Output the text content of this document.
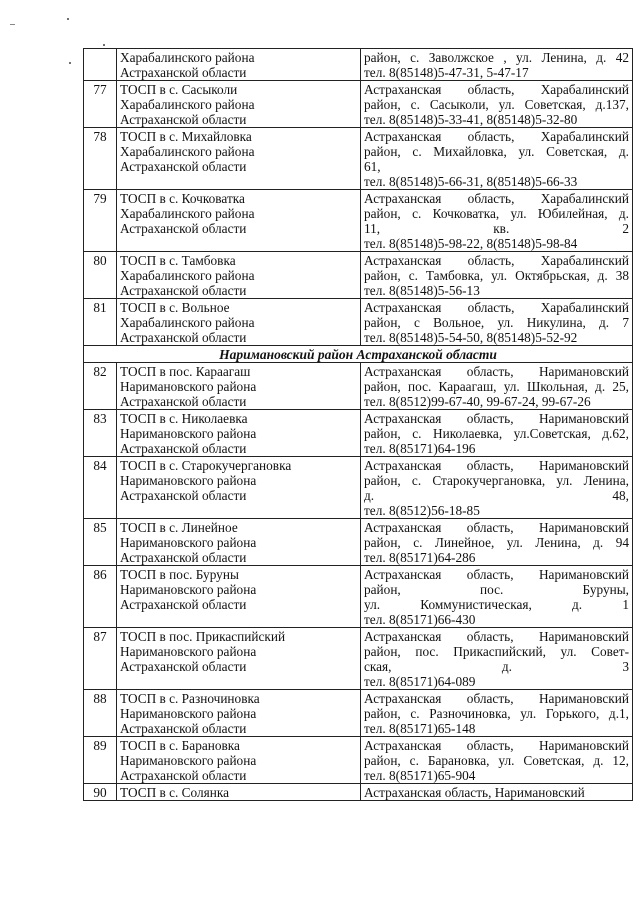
	Харабалинского района
Астраханской области	район, с. Заволжское , ул. Ленина, д. 42
тел. 8(85148)5-47-31, 5-47-17

77	ТОСП в с. Сасыколи
Харабалинского района
Астраханской области	Астраханская область, Харабалинский
район, с. Сасыколи, ул. Советская, д.137,
тел. 8(85148)5-33-41, 8(85148)5-32-80

78	ТОСП в с. Михайловка
Харабалинского района
Астраханской области	Астраханская область, Харабалинский
район, с. Михайловка, ул. Советская, д.
61,
тел. 8(85148)5-66-31, 8(85148)5-66-33

79	ТОСП в с. Кочковатка
Харабалинского района
Астраханской области	Астраханская область, Харабалинский
район, с. Кочковатка, ул. Юбилейная, д.
11, кв. 2
тел. 8(85148)5-98-22, 8(85148)5-98-84

80	ТОСП в с. Тамбовка
Харабалинского района
Астраханской области	Астраханская область, Харабалинский
район, с. Тамбовка, ул. Октябрьская, д. 38
тел. 8(85148)5-56-13

81	ТОСП в с. Вольное
Харабалинского района
Астраханской области	Астраханская область, Харабалинский
район, с Вольное, ул. Никулина, д. 7
тел. 8(85148)5-54-50, 8(85148)5-52-92

Наримановский район Астраханской области		
82	ТОСП в пос. Караагаш
Наримановского района
Астраханской области	Астраханская область, Наримановский
район, пос. Караагаш, ул. Школьная, д. 25,
тел. 8(8512)99-67-40, 99-67-24, 99-67-26

83	ТОСП в с. Николаевка
Наримановского района
Астраханской области	Астраханская область, Наримановский
район, с. Николаевка, ул.Советская, д.62,
тел. 8(85171)64-196

84	ТОСП в с. Старокучергановка
Наримановского района
Астраханской области	Астраханская область, Наримановский
район, с. Старокучергановка, ул. Ленина,
д. 48,
тел. 8(8512)56-18-85

85	ТОСП в с. Линейное
Наримановского района
Астраханской области	Астраханская область, Наримановский
район, с. Линейное, ул. Ленина, д. 94
тел. 8(85171)64-286

86	ТОСП в пос. Буруны
Наримановского района
Астраханской области	Астраханская область, Наримановский
район, пос. Буруны,
ул. Коммунистическая, д. 1
тел. 8(85171)66-430

87	ТОСП в пос. Прикаспийский
Наримановского района
Астраханской области	Астраханская область, Наримановский
район, пос. Прикаспийский, ул. Совет-
ская, д. 3
тел. 8(85171)64-089

88	ТОСП в с. Разночиновка
Наримановского района
Астраханской области	Астраханская область, Наримановский
район, с. Разночиновка, ул. Горького, д.1,
тел. 8(85171)65-148

89	ТОСП в с. Барановка
Наримановского района
Астраханской области	Астраханская область, Наримановский
район, с. Барановка, ул. Советская, д. 12,
тел. 8(85171)65-904

90	ТОСП в с. Солянка	Астраханская область, Наримановский
